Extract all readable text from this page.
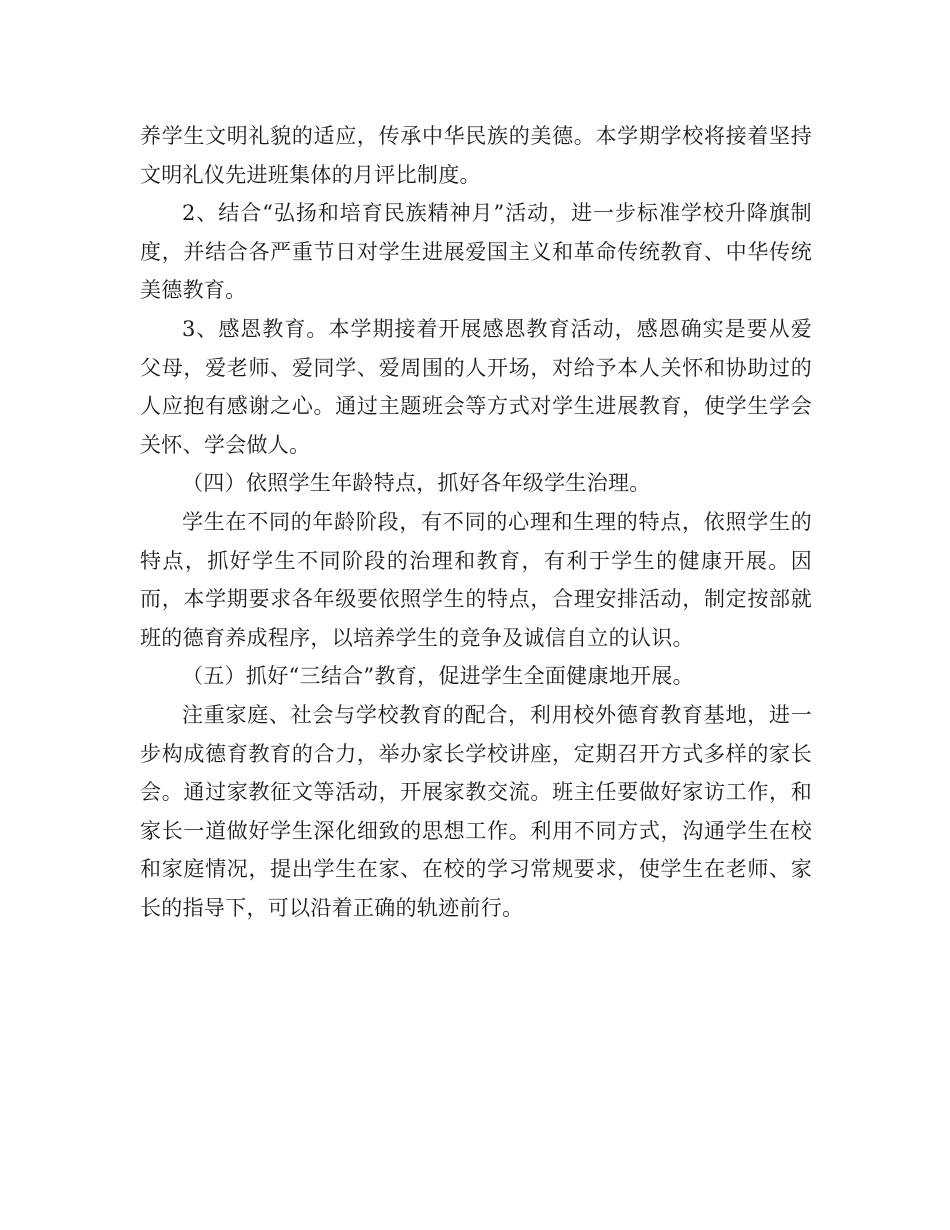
养学生文明礼貌的适应，传承中华民族的美德。本学期学校将接着坚持文明礼仪先进班集体的月评比制度。

2、结合“弘扬和培育民族精神月”活动，进一步标准学校升降旗制度，并结合各严重节日对学生进展爱国主义和革命传统教育、中华传统美德教育。

3、感恩教育。本学期接着开展感恩教育活动，感恩确实是要从爱父母，爱老师、爱同学、爱周围的人开场，对给予本人关怀和协助过的人应抱有感谢之心。通过主题班会等方式对学生进展教育，使学生学会关怀、学会做人。

（四）依照学生年龄特点，抓好各年级学生治理。

学生在不同的年龄阶段，有不同的心理和生理的特点，依照学生的特点，抓好学生不同阶段的治理和教育，有利于学生的健康开展。因而，本学期要求各年级要依照学生的特点，合理安排活动，制定按部就班的德育养成程序，以培养学生的竞争及诚信自立的认识。

（五）抓好“三结合”教育，促进学生全面健康地开展。

注重家庭、社会与学校教育的配合，利用校外德育教育基地，进一步构成德育教育的合力，举办家长学校讲座，定期召开方式多样的家长会。通过家教征文等活动，开展家教交流。班主任要做好家访工作，和家长一道做好学生深化细致的思想工作。利用不同方式，沟通学生在校和家庭情况，提出学生在家、在校的学习常规要求，使学生在老师、家长的指导下，可以沿着正确的轨迹前行。
